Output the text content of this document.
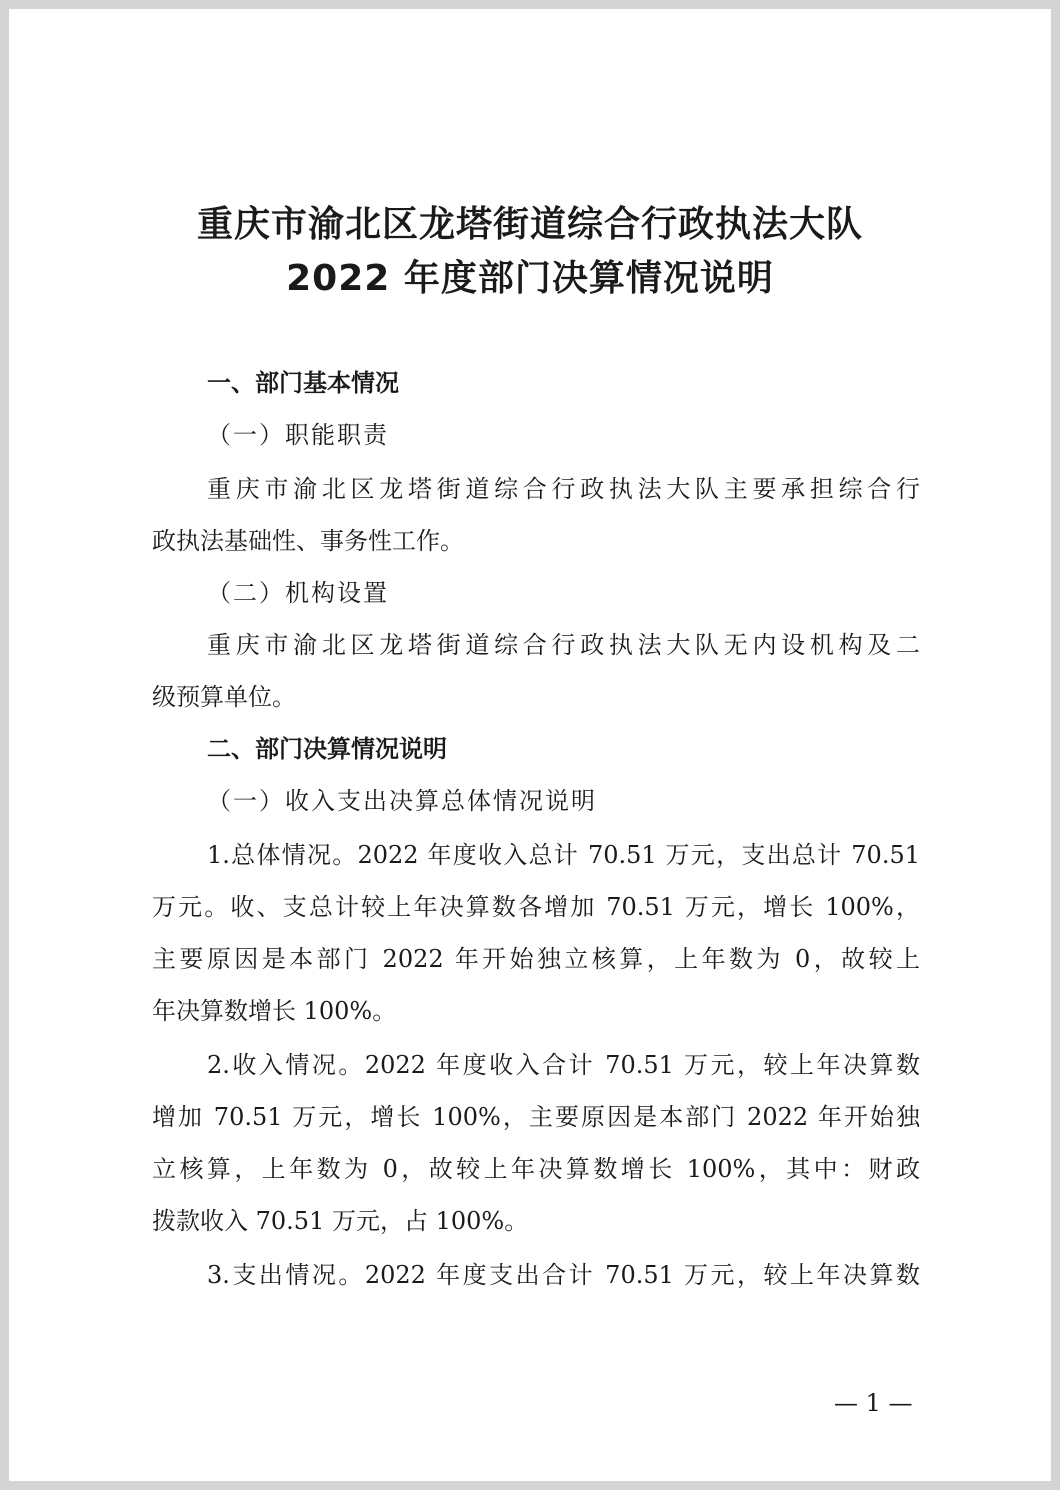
重庆市渝北区龙塔街道综合行政执法大队
2022 年度部门决算情况说明

一、部门基本情况

（一）职能职责

重庆市渝北区龙塔街道综合行政执法大队主要承担综合行

政执法基础性、事务性工作。

（二）机构设置

重庆市渝北区龙塔街道综合行政执法大队无内设机构及二

级预算单位。

二、部门决算情况说明

（一）收入支出决算总体情况说明

1.总体情况。2022 年度收入总计 70.51 万元，支出总计 70.51

万元。收、支总计较上年决算数各增加 70.51 万元，增长 100%，

主要原因是本部门 2022 年开始独立核算，上年数为 0，故较上

年决算数增长 100%。

2.收入情况。2022 年度收入合计 70.51 万元，较上年决算数

增加 70.51 万元，增长 100%，主要原因是本部门 2022 年开始独

立核算，上年数为 0，故较上年决算数增长 100%，其中：财政

拨款收入 70.51 万元，占 100%。

3.支出情况。2022 年度支出合计 70.51 万元，较上年决算数

— 1 —
